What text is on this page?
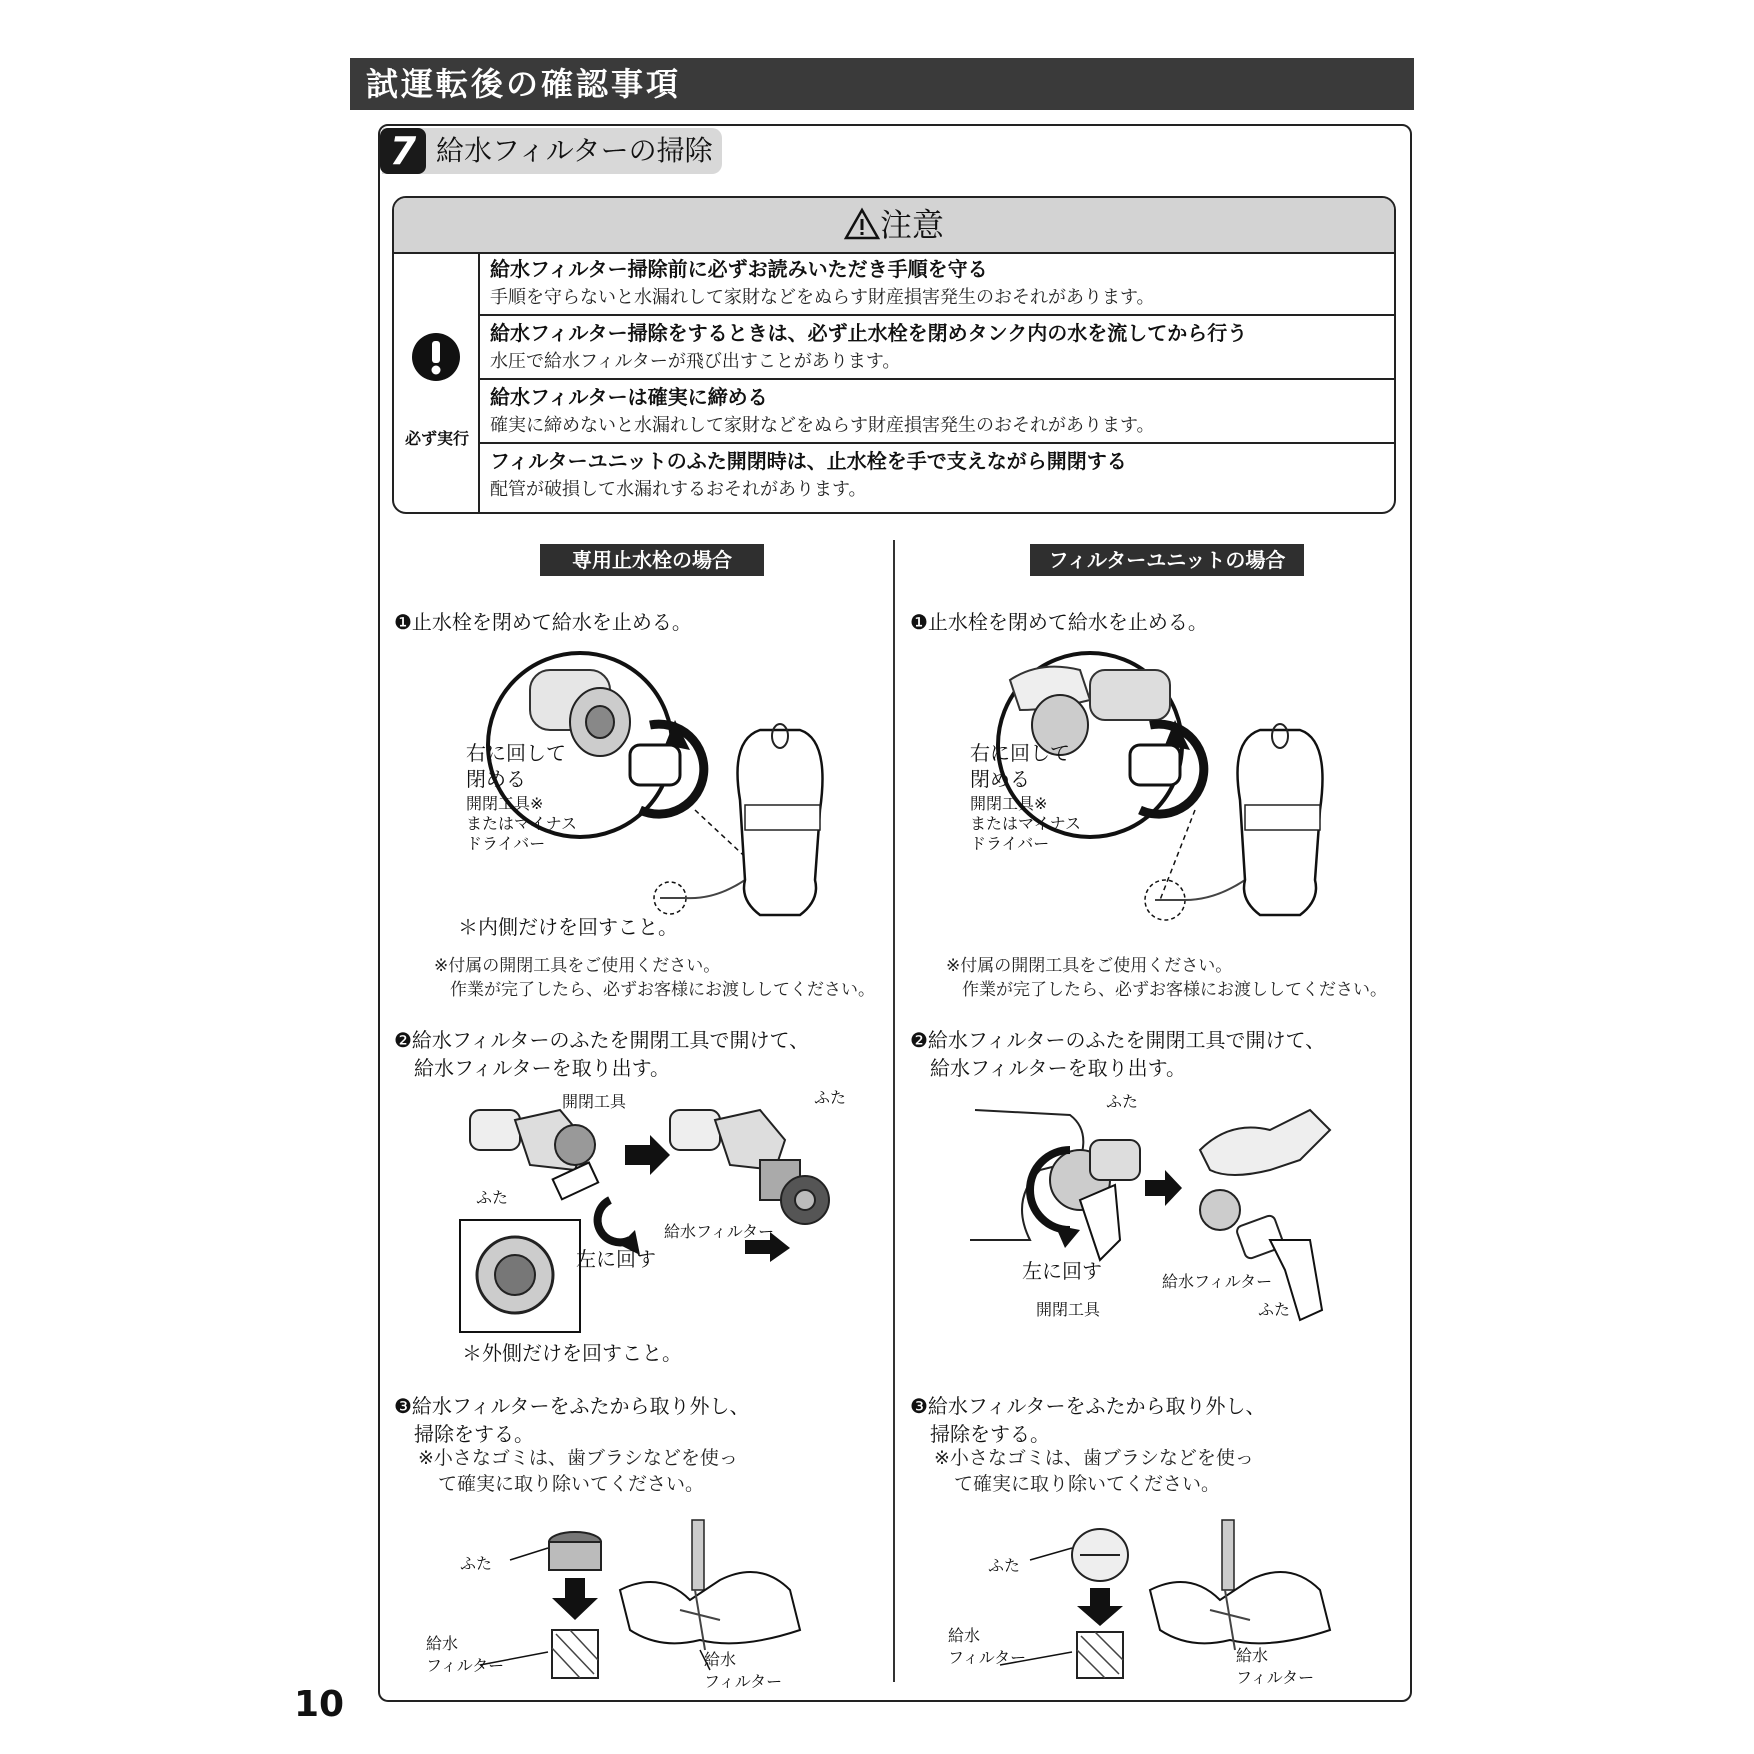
試運転後の確認事項
7 給水フィルターの掃除
注意
必ず実行
給水フィルター掃除前に必ずお読みいただき手順を守る
手順を守らないと水漏れして家財などをぬらす財産損害発生のおそれがあります。
給水フィルター掃除をするときは、必ず止水栓を閉めタンク内の水を流してから行う
水圧で給水フィルターが飛び出すことがあります。
給水フィルターは確実に締める
確実に締めないと水漏れして家財などをぬらす財産損害発生のおそれがあります。
フィルターユニットのふた開閉時は、止水栓を手で支えながら開閉する
配管が破損して水漏れするおそれがあります。
専用止水栓の場合
❶止水栓を閉めて給水を止める。
右に回して
閉める
開閉工具※
またはマイナス
ドライバー
＊内側だけを回すこと。
※付属の開閉工具をご使用ください。
作業が完了したら、必ずお客様にお渡ししてください。
❷給水フィルターのふたを開閉工具で開けて、
給水フィルターを取り出す。
開閉工具
ふた
ふた
給水フィルター
左に回す
＊外側だけを回すこと。
❸給水フィルターをふたから取り外し、
掃除をする。
※小さなゴミは、歯ブラシなどを使っ
て確実に取り除いてください。
ふた
給水
フィルター	給水
フィルター
フィルターユニットの場合
❶止水栓を閉めて給水を止める。
右に回して
閉める
開閉工具※
またはマイナス
ドライバー
※付属の開閉工具をご使用ください。
作業が完了したら、必ずお客様にお渡ししてください。
❷給水フィルターのふたを開閉工具で開けて、
給水フィルターを取り出す。
ふた
左に回す
開閉工具
給水フィルター
ふた
❸給水フィルターをふたから取り外し、
掃除をする。
※小さなゴミは、歯ブラシなどを使っ
て確実に取り除いてください。
ふた
給水
フィルター	給水
フィルター
10
